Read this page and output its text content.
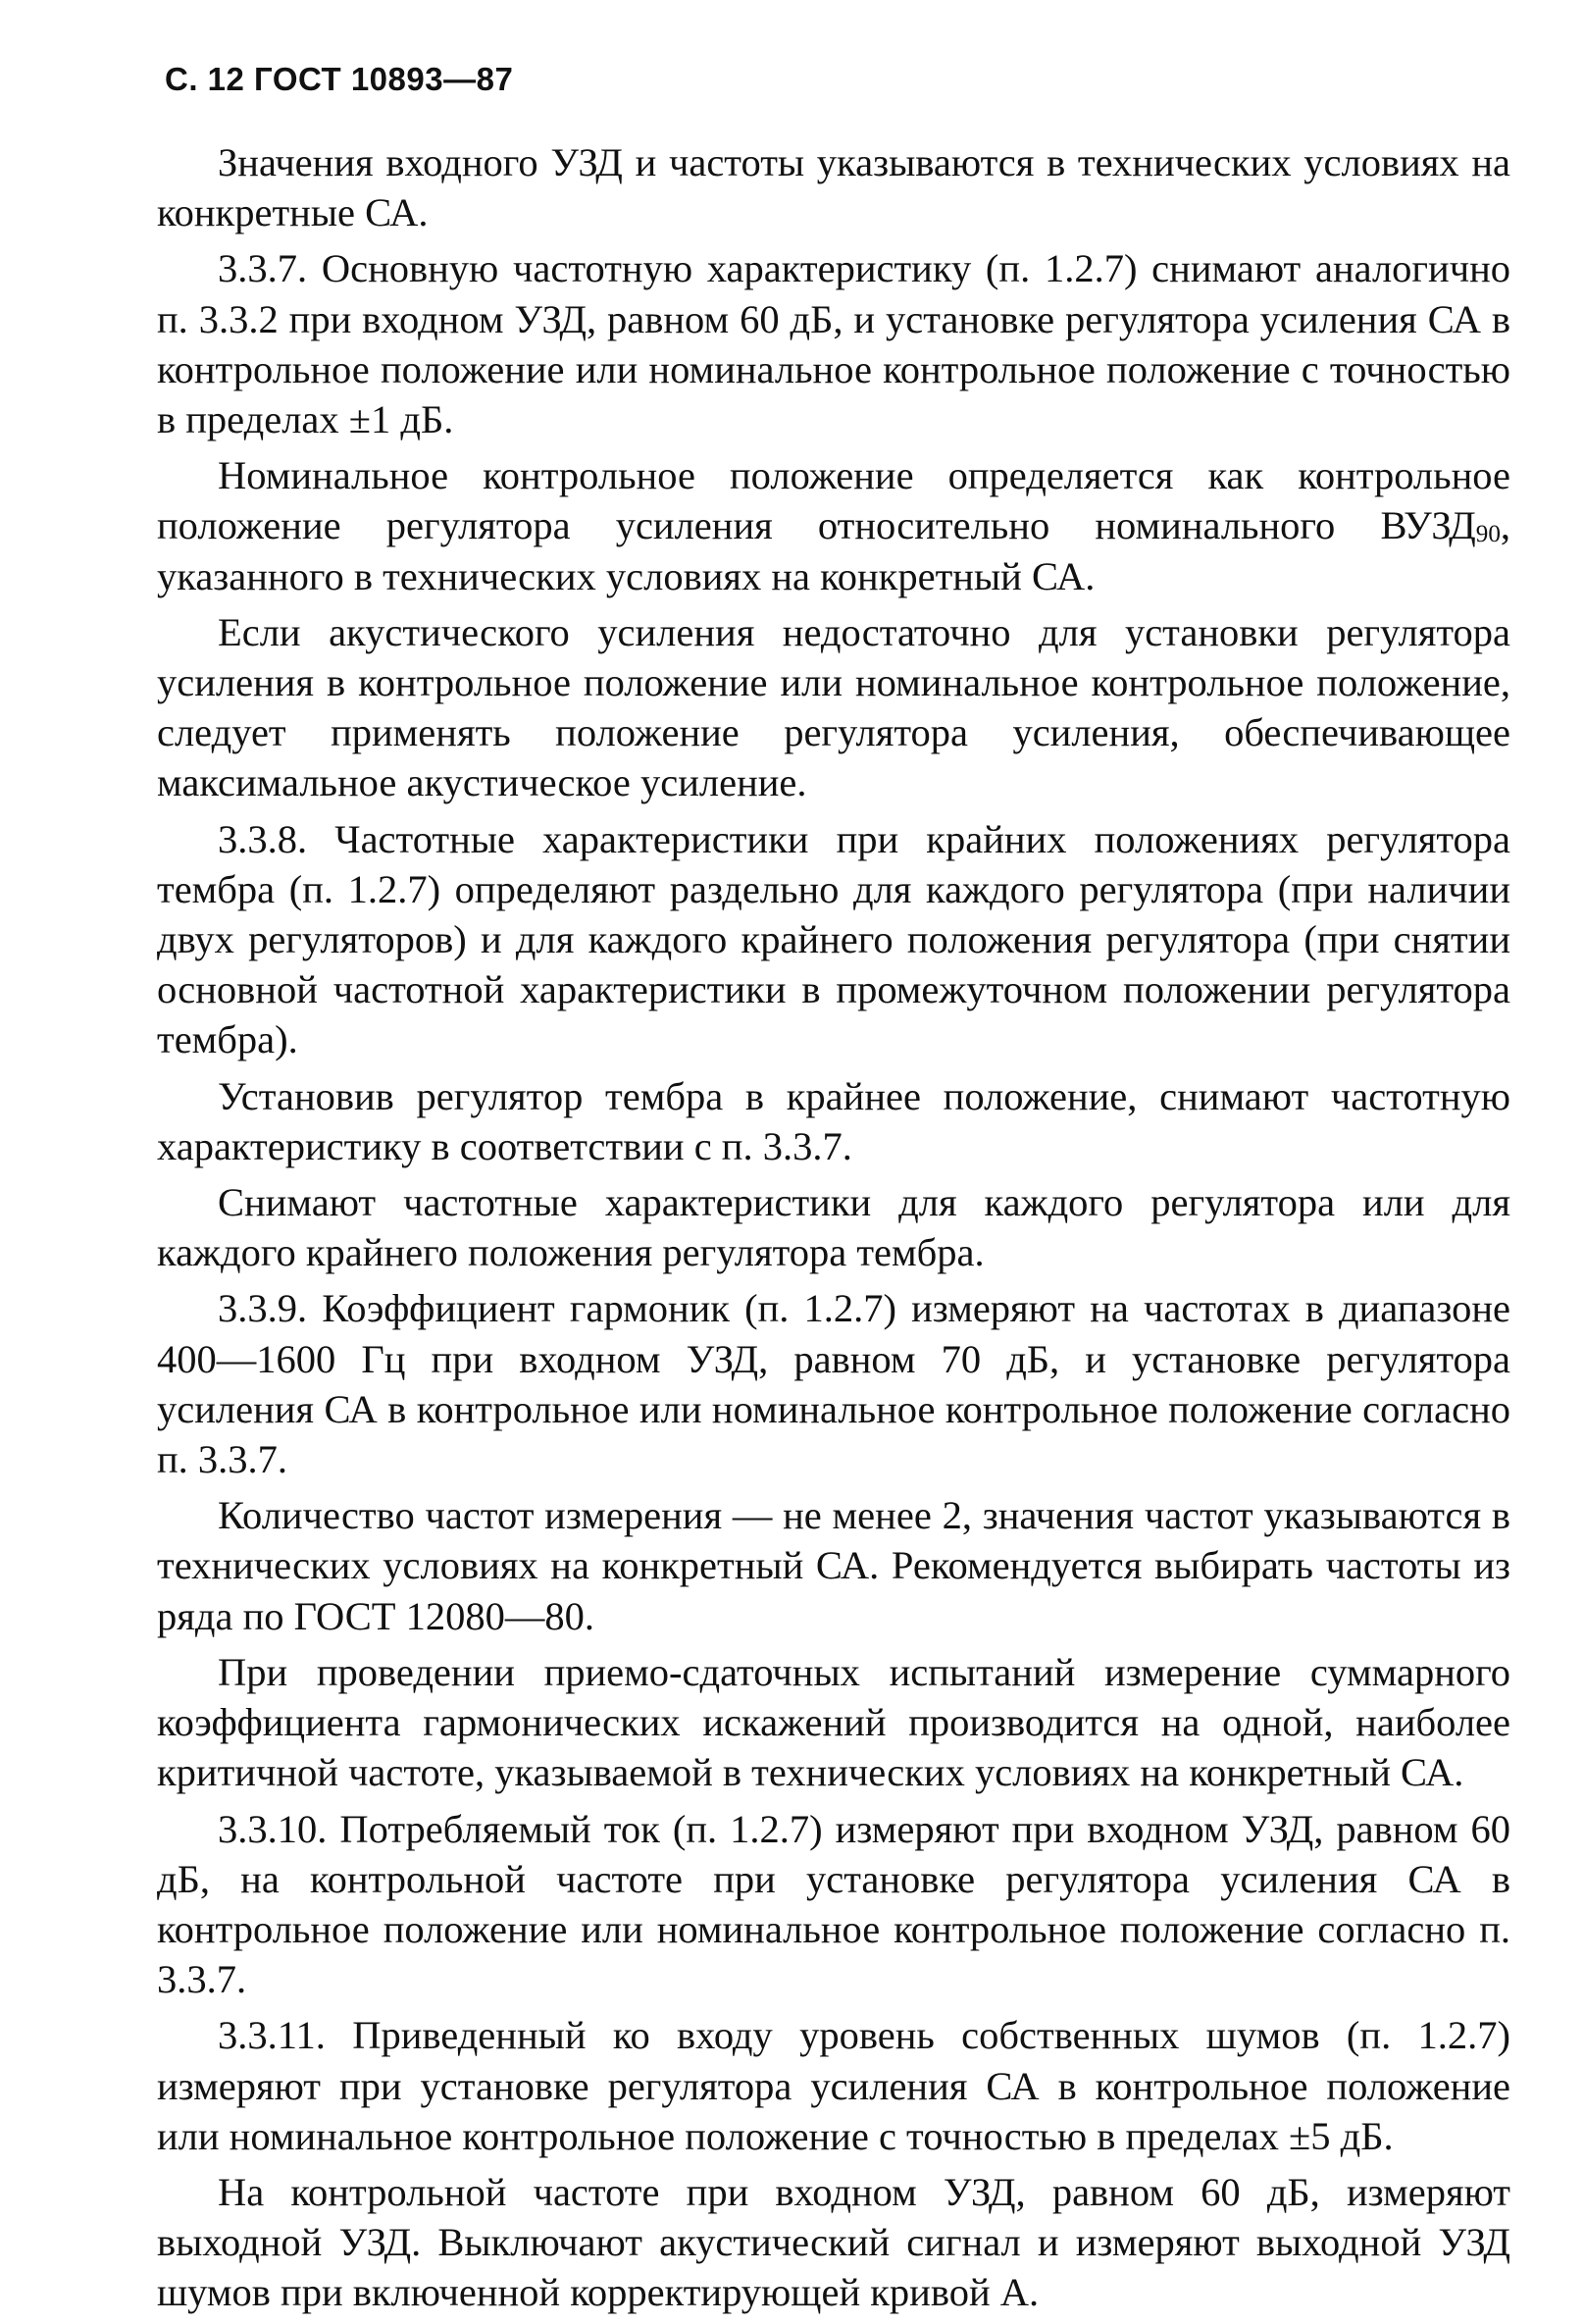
С. 12 ГОСТ 10893—87

Значения входного УЗД и частоты указываются в технических условиях на конкретные СА.

3.3.7. Основную частотную характеристику (п. 1.2.7) снимают аналогично п. 3.3.2 при входном УЗД, равном 60 дБ, и установке регулятора усиления СА в контрольное положение или номинальное контрольное положение с точностью в пределах ±1 дБ.

Номинальное контрольное положение определяется как контрольное положение регулятора усиления относительно номинального $ВУЗД_{90}$, указанного в технических условиях на конкретный СА.

Если акустического усиления недостаточно для установки регулятора усиления в контрольное положение или номинальное контрольное положение, следует применять положение регулятора усиления, обеспечивающее максимальное акустическое усиление.

3.3.8. Частотные характеристики при крайних положениях регулятора тембра (п. 1.2.7) определяют раздельно для каждого регулятора (при наличии двух регуляторов) и для каждого крайнего положения регулятора (при снятии основной частотной характеристики в промежуточном положении регулятора тембра).

Установив регулятор тембра в крайнее положение, снимают частотную характеристику в соответствии с п. 3.3.7.

Снимают частотные характеристики для каждого регулятора или для каждого крайнего положения регулятора тембра.

3.3.9. Коэффициент гармоник (п. 1.2.7) измеряют на частотах в диапазоне 400—1600 Гц при входном УЗД, равном 70 дБ, и установке регулятора усиления СА в контрольное или номинальное контрольное положение согласно п. 3.3.7.

Количество частот измерения — не менее 2, значения частот указываются в технических условиях на конкретный СА. Рекомендуется выбирать частоты из ряда по ГОСТ 12080—80.

При проведении приемо-сдаточных испытаний измерение суммарного коэффициента гармонических искажений производится на одной, наиболее критичной частоте, указываемой в технических условиях на конкретный СА.

3.3.10. Потребляемый ток (п. 1.2.7) измеряют при входном УЗД, равном 60 дБ, на контрольной частоте при установке регулятора усиления СА в контрольное положение или номинальное контрольное положение согласно п. 3.3.7.

3.3.11. Приведенный ко входу уровень собственных шумов (п. 1.2.7) измеряют при установке регулятора усиления СА в контрольное положение или номинальное контрольное положение с точностью в пределах ±5 дБ.

На контрольной частоте при входном УЗД, равном 60 дБ, измеряют выходной УЗД. Выключают акустический сигнал и измеряют выходной УЗД шумов при включенной корректирующей кривой А.
